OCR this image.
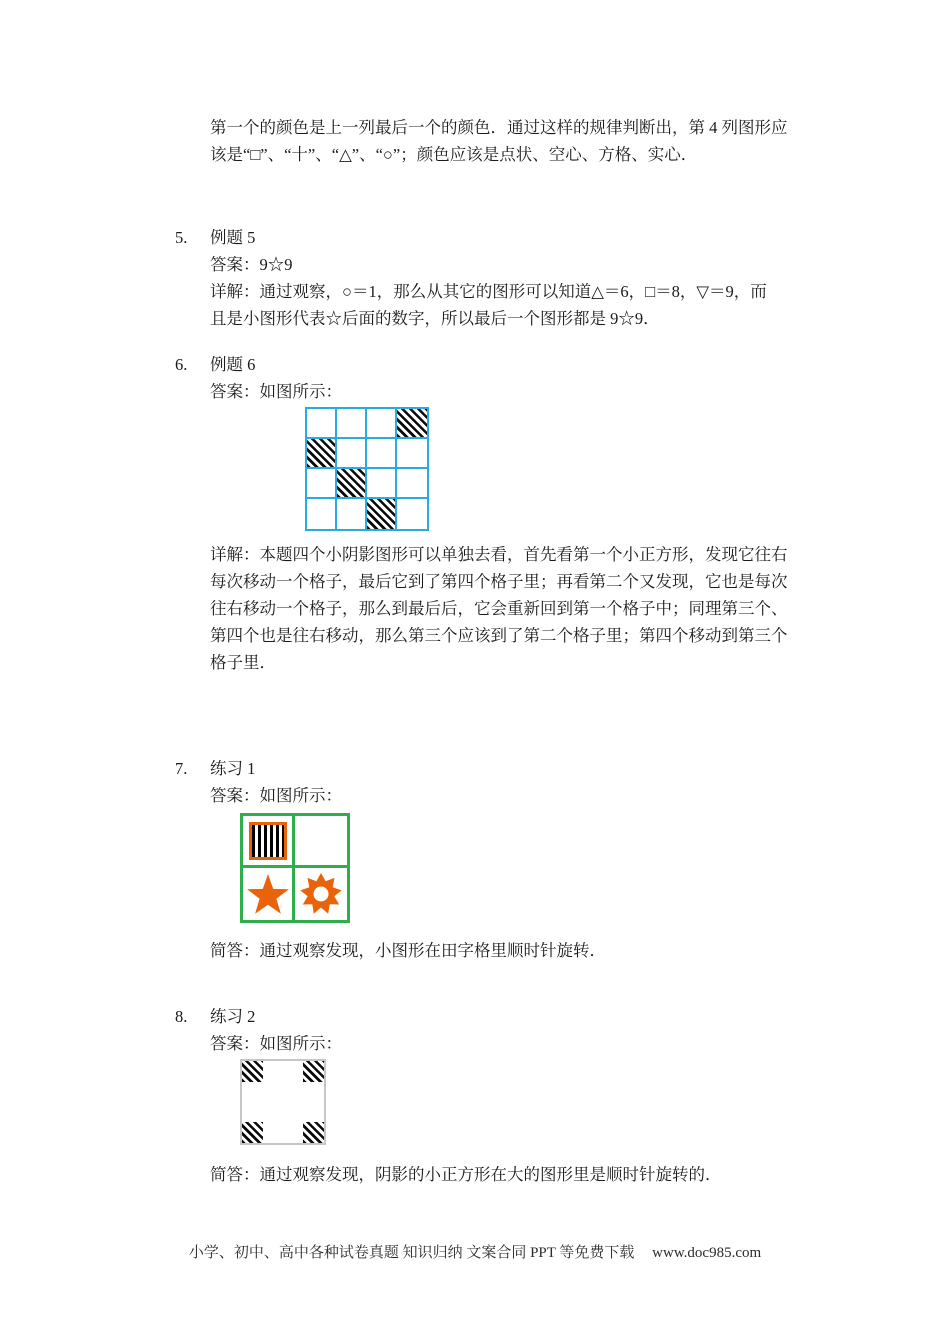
第一个的颜色是上一列最后一个的颜色．通过这样的规律判断出，第 4 列图形应
该是“□”、“十”、“△”、“○”；颜色应该是点状、空心、方格、实心．
5. 例题 5
答案：9☆9
详解：通过观察，○＝1，那么从其它的图形可以知道△＝6，□＝8，▽＝9，而
且是小图形代表☆后面的数字，所以最后一个图形都是 9☆9．
6. 例题 6
答案：如图所示：
详解：本题四个小阴影图形可以单独去看，首先看第一个小正方形，发现它往右
每次移动一个格子，最后它到了第四个格子里；再看第二个又发现，它也是每次
往右移动一个格子，那么到最后后，它会重新回到第一个格子中；同理第三个、
第四个也是往右移动，那么第三个应该到了第二个格子里；第四个移动到第三个
格子里．
7. 练习 1
答案：如图所示：
简答：通过观察发现，小图形在田字格里顺时针旋转．
8. 练习 2
答案：如图所示：
简答：通过观察发现，阴影的小正方形在大的图形里是顺时针旋转的．
小学、初中、高中各种试卷真题 知识归纳 文案合同 PPT 等免费下载 www.doc985.com
